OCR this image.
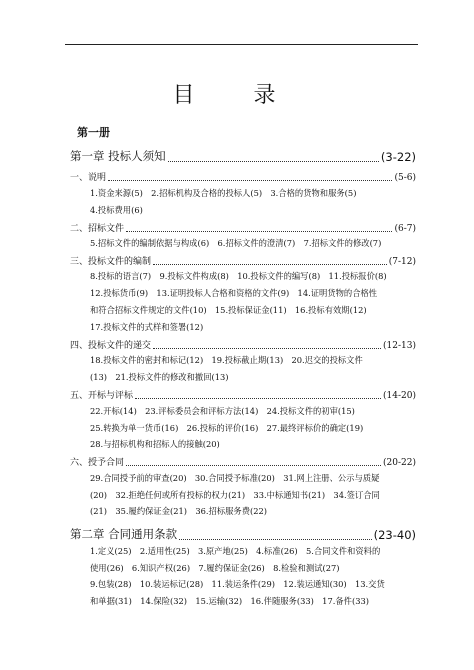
目 录
第一册
第一章 投标人须知	(3-22)
一、说明	(5-6)
1.资金来源(5)　2.招标机构及合格的投标人(5)　3.合格的货物和服务(5)
4.投标费用(6)
二、招标文件	(6-7)
5.招标文件的编制依据与构成(6)　6.招标文件的澄清(7)　7.招标文件的修改(7)
三、投标文件的编制	(7-12)
8.投标的语言(7)　9.投标文件构成(8)　10.投标文件的编写(8)　11.投标报价(8)
12.投标货币(9)　13.证明投标人合格和资格的文件(9)　14.证明货物的合格性
和符合招标文件规定的文件(10)　15.投标保证金(11)　16.投标有效期(12)
17.投标文件的式样和签署(12)
四、投标文件的递交	(12-13)
18.投标文件的密封和标记(12)　19.投标截止期(13)　20.迟交的投标文件
(13)　21.投标文件的修改和撤回(13)
五、开标与评标	(14-20)
22.开标(14)　23.评标委员会和评标方法(14)　24.投标文件的初审(15)
25.转换为单一货币(16)　26.投标的评价(16)　27.最终评标价的确定(19)
28.与招标机构和招标人的接触(20)
六、授予合同	(20-22)
29.合同授予前的审查(20)　30.合同授予标准(20)　31.网上注册、公示与质疑
(20)　32.拒绝任何或所有投标的权力(21)　33.中标通知书(21)　34.签订合同
(21)　35.履约保证金(21)　36.招标服务费(22)
第二章 合同通用条款	(23-40)
1.定义(25)　2.适用性(25)　3.原产地(25)　4.标准(26)　5.合同文件和资料的
使用(26)　6.知识产权(26)　7.履约保证金(26)　8.检验和测试(27)
9.包装(28)　10.装运标记(28)　11.装运条件(29)　12.装运通知(30)　13.交货
和单据(31)　14.保险(32)　15.运输(32)　16.伴随服务(33)　17.备件(33)
